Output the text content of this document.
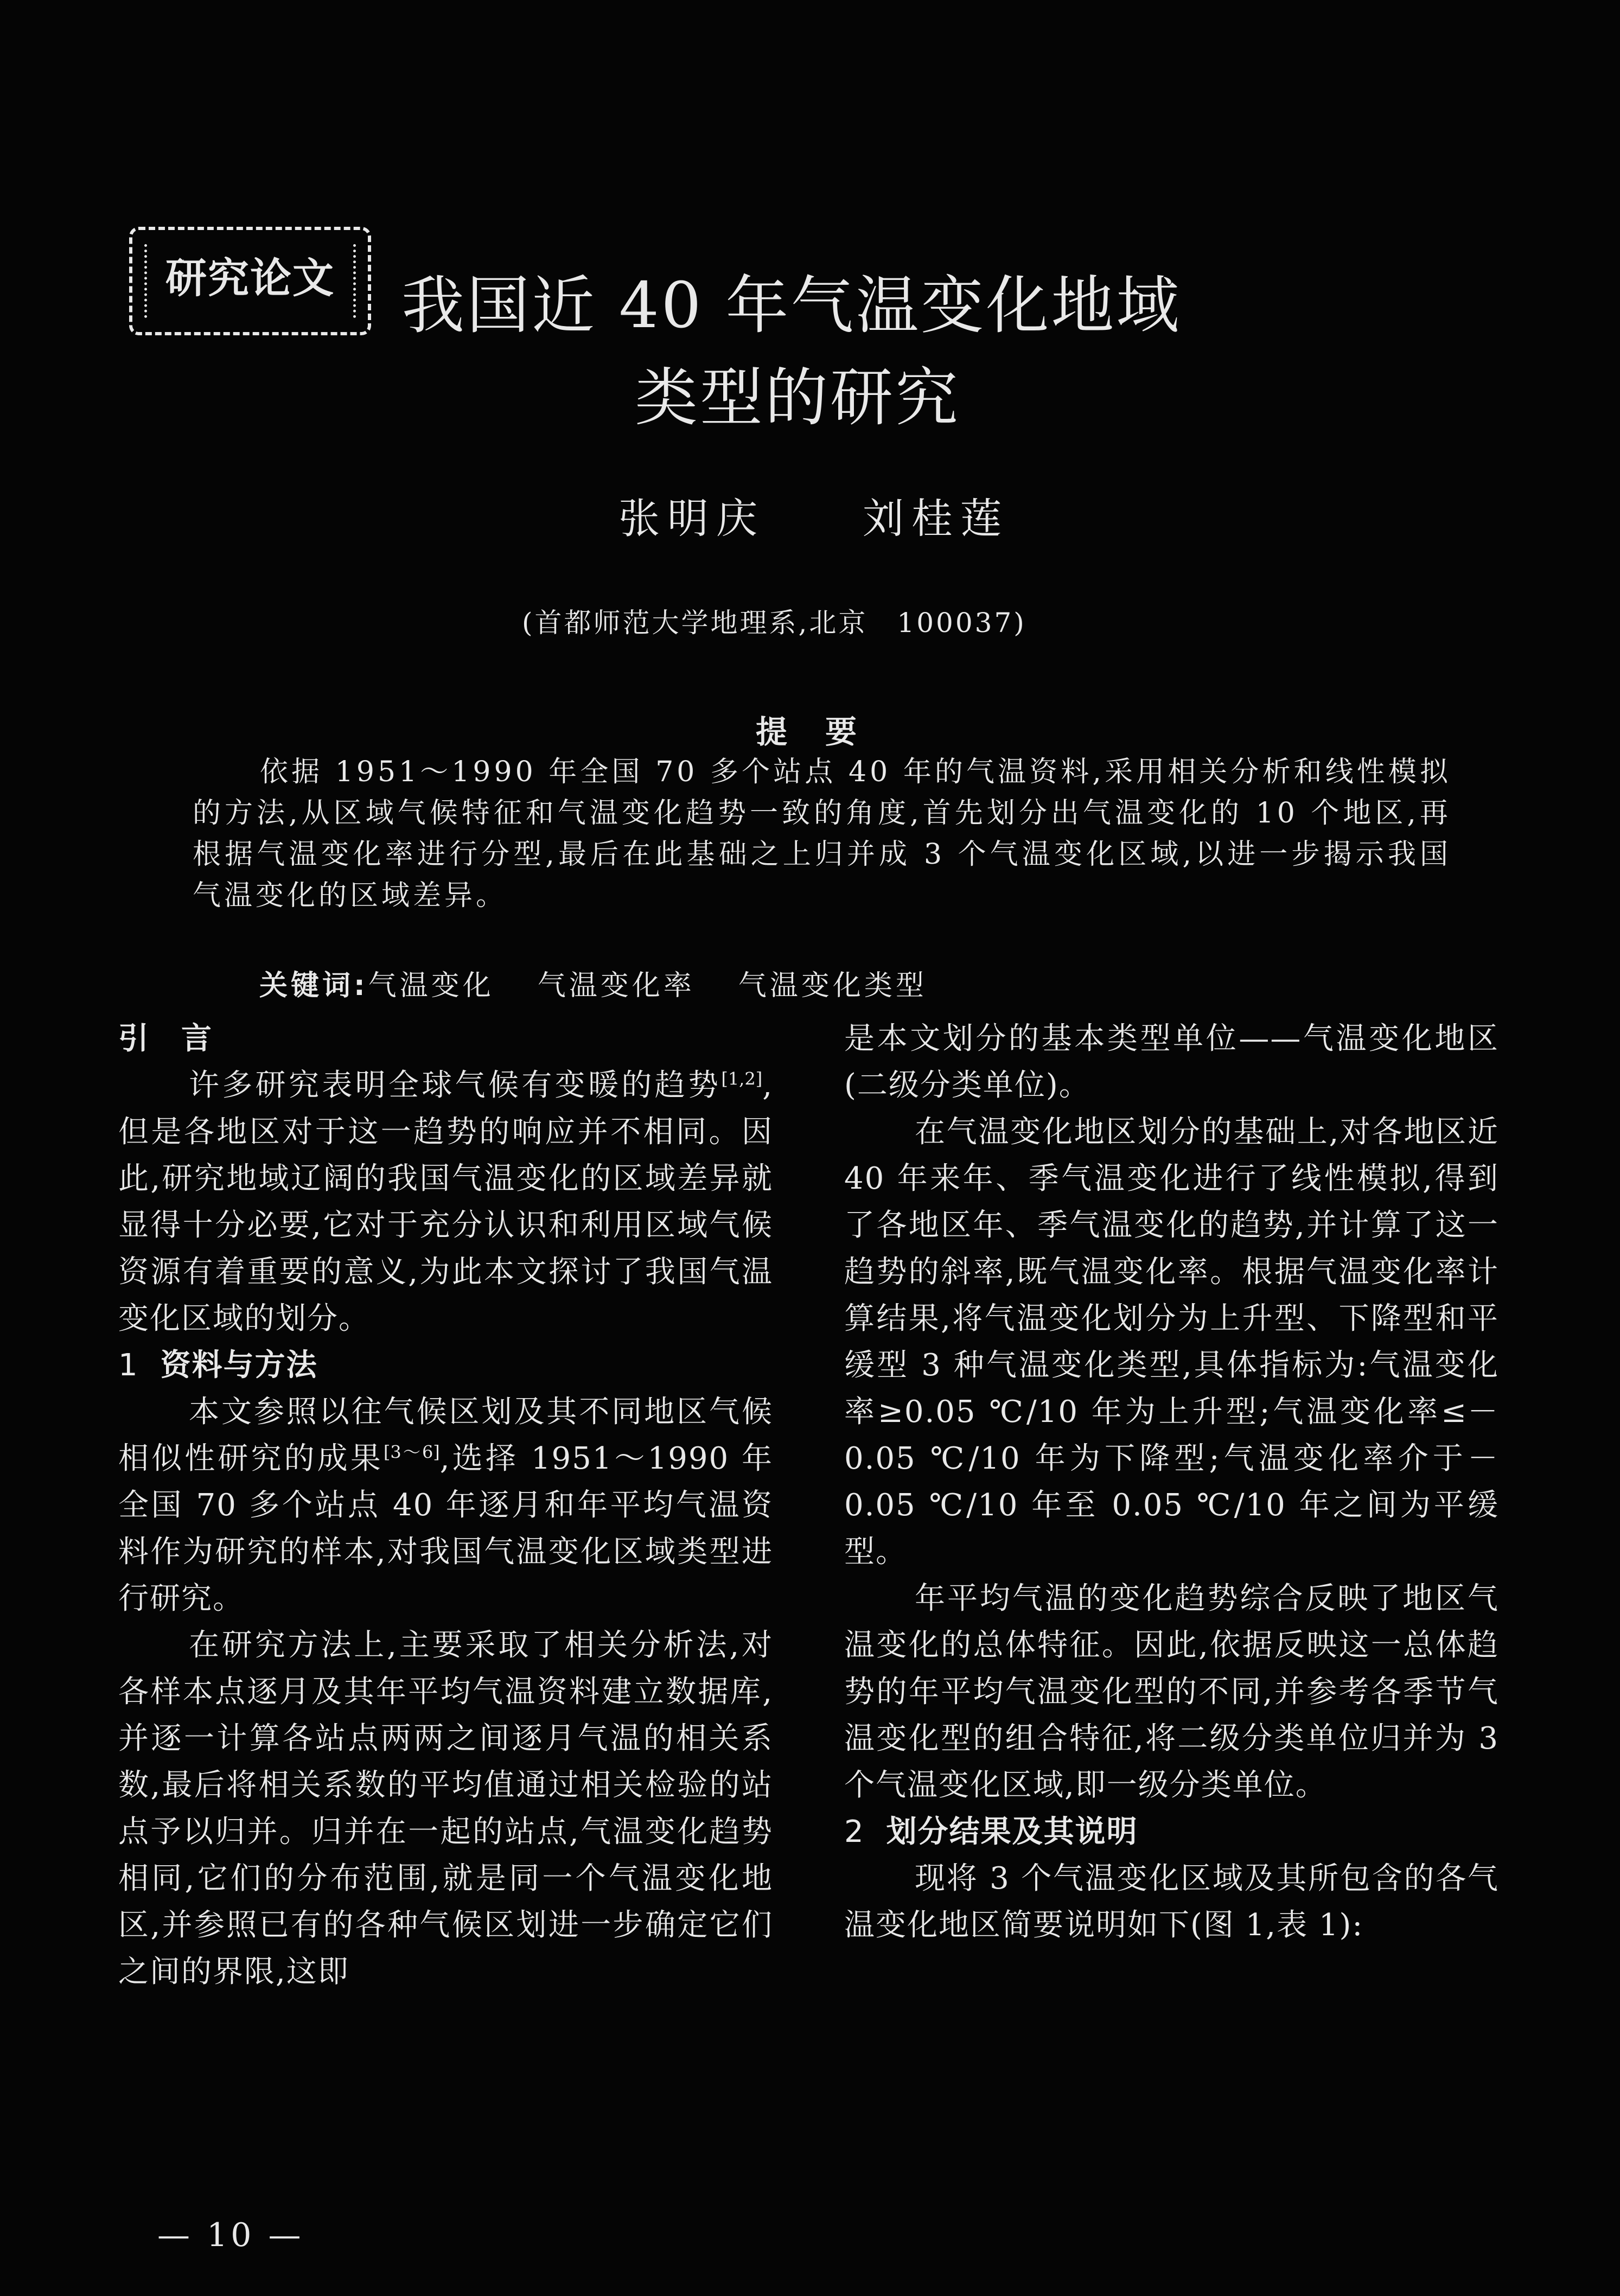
研究论文	我国近 40 年气温变化地域
类型的研究
张明庆 刘桂莲
(首都师范大学地理系,北京　100037)
提要
依据 1951～1990 年全国 70 多个站点 40 年的气温资料,采用相关分析和线性模拟的方法,从区域气候特征和气温变化趋势一致的角度,首先划分出气温变化的 10 个地区,再根据气温变化率进行分型,最后在此基础之上归并成 3 个气温变化区域,以进一步揭示我国气温变化的区域差异。
关键词:气温变化 气温变化率 气温变化类型
引言

许多研究表明全球气候有变暖的趋势[1,2],但是各地区对于这一趋势的响应并不相同。因此,研究地域辽阔的我国气温变化的区域差异就显得十分必要,它对于充分认识和利用区域气候资源有着重要的意义,为此本文探讨了我国气温变化区域的划分。

1 资料与方法

本文参照以往气候区划及其不同地区气候相似性研究的成果[3～6],选择 1951～1990 年全国 70 多个站点 40 年逐月和年平均气温资料作为研究的样本,对我国气温变化区域类型进行研究。

在研究方法上,主要采取了相关分析法,对各样本点逐月及其年平均气温资料建立数据库,并逐一计算各站点两两之间逐月气温的相关系数,最后将相关系数的平均值通过相关检验的站点予以归并。归并在一起的站点,气温变化趋势相同,它们的分布范围,就是同一个气温变化地区,并参照已有的各种气候区划进一步确定它们之间的界限,这即

是本文划分的基本类型单位——气温变化地区(二级分类单位)。

在气温变化地区划分的基础上,对各地区近 40 年来年、季气温变化进行了线性模拟,得到了各地区年、季气温变化的趋势,并计算了这一趋势的斜率,既气温变化率。根据气温变化率计算结果,将气温变化划分为上升型、下降型和平缓型 3 种气温变化类型,具体指标为:气温变化率≥0.05 ℃/10 年为上升型;气温变化率≤－0.05 ℃/10 年为下降型;气温变化率介于－0.05 ℃/10 年至 0.05 ℃/10 年之间为平缓型。

年平均气温的变化趋势综合反映了地区气温变化的总体特征。因此,依据反映这一总体趋势的年平均气温变化型的不同,并参考各季节气温变化型的组合特征,将二级分类单位归并为 3 个气温变化区域,即一级分类单位。

2 划分结果及其说明

现将 3 个气温变化区域及其所包含的各气温变化地区简要说明如下(图 1,表 1):

— 10 —
